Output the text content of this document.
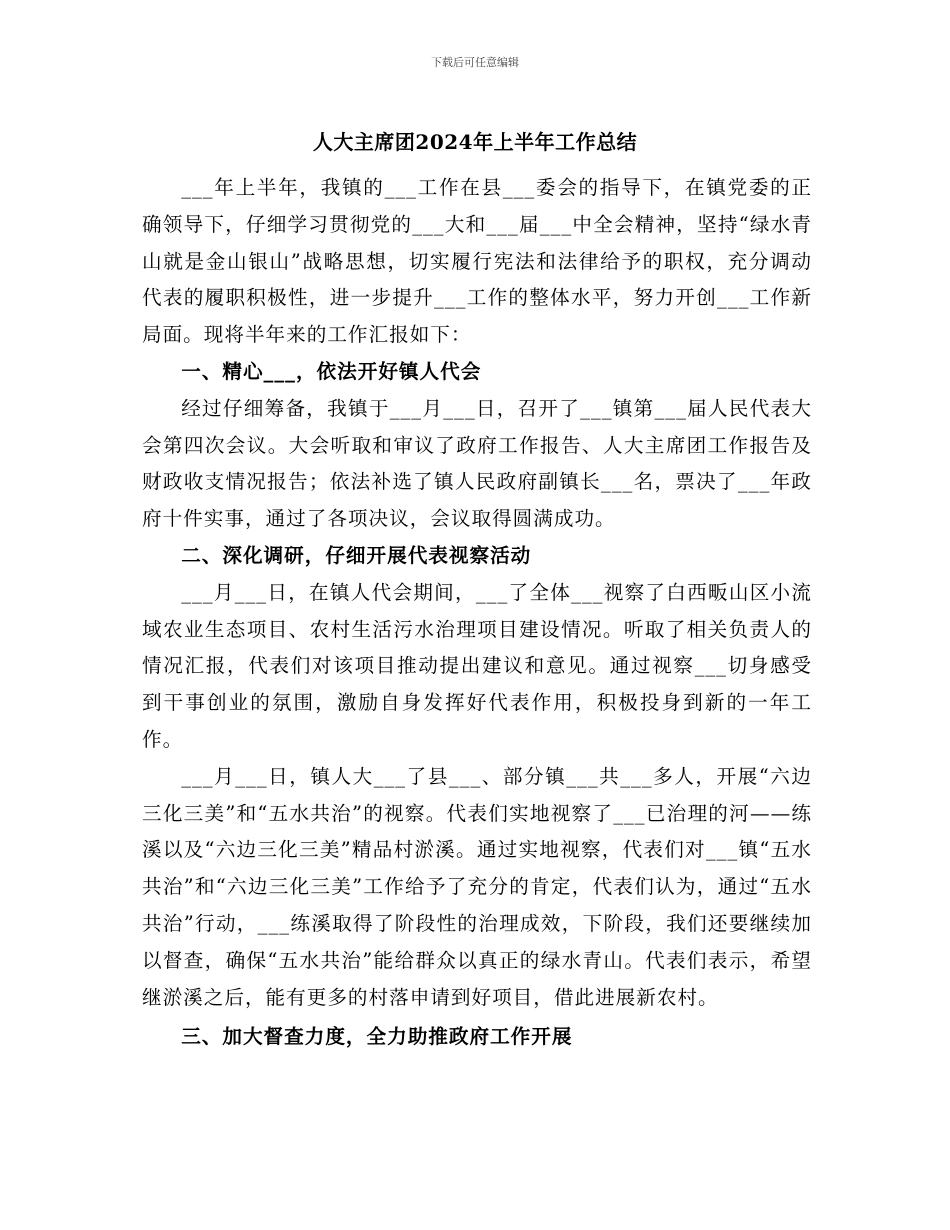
下载后可任意编辑
人大主席团2024年上半年工作总结

___年上半年，我镇的___工作在县___委会的指导下，在镇党委的正确领导下，仔细学习贯彻党的___大和___届___中全会精神，坚持“绿水青山就是金山银山”战略思想，切实履行宪法和法律给予的职权，充分调动代表的履职积极性，进一步提升___工作的整体水平，努力开创___工作新局面。现将半年来的工作汇报如下：

一、精心___，依法开好镇人代会

经过仔细筹备，我镇于___月___日，召开了___镇第___届人民代表大会第四次会议。大会听取和审议了政府工作报告、人大主席团工作报告及财政收支情况报告；依法补选了镇人民政府副镇长___名，票决了___年政府十件实事，通过了各项决议，会议取得圆满成功。

二、深化调研，仔细开展代表视察活动

___月___日，在镇人代会期间，___了全体___视察了白西畈山区小流域农业生态项目、农村生活污水治理项目建设情况。听取了相关负责人的情况汇报，代表们对该项目推动提出建议和意见。通过视察___切身感受到干事创业的氛围，激励自身发挥好代表作用，积极投身到新的一年工作。

___月___日，镇人大___了县___、部分镇___共___多人，开展“六边三化三美”和“五水共治”的视察。代表们实地视察了___已治理的河——练溪以及“六边三化三美”精品村淤溪。通过实地视察，代表们对___镇“五水共治”和“六边三化三美”工作给予了充分的肯定，代表们认为，通过“五水共治”行动，___练溪取得了阶段性的治理成效，下阶段，我们还要继续加以督查，确保“五水共治”能给群众以真正的绿水青山。代表们表示，希望继淤溪之后，能有更多的村落申请到好项目，借此进展新农村。

三、加大督查力度，全力助推政府工作开展
